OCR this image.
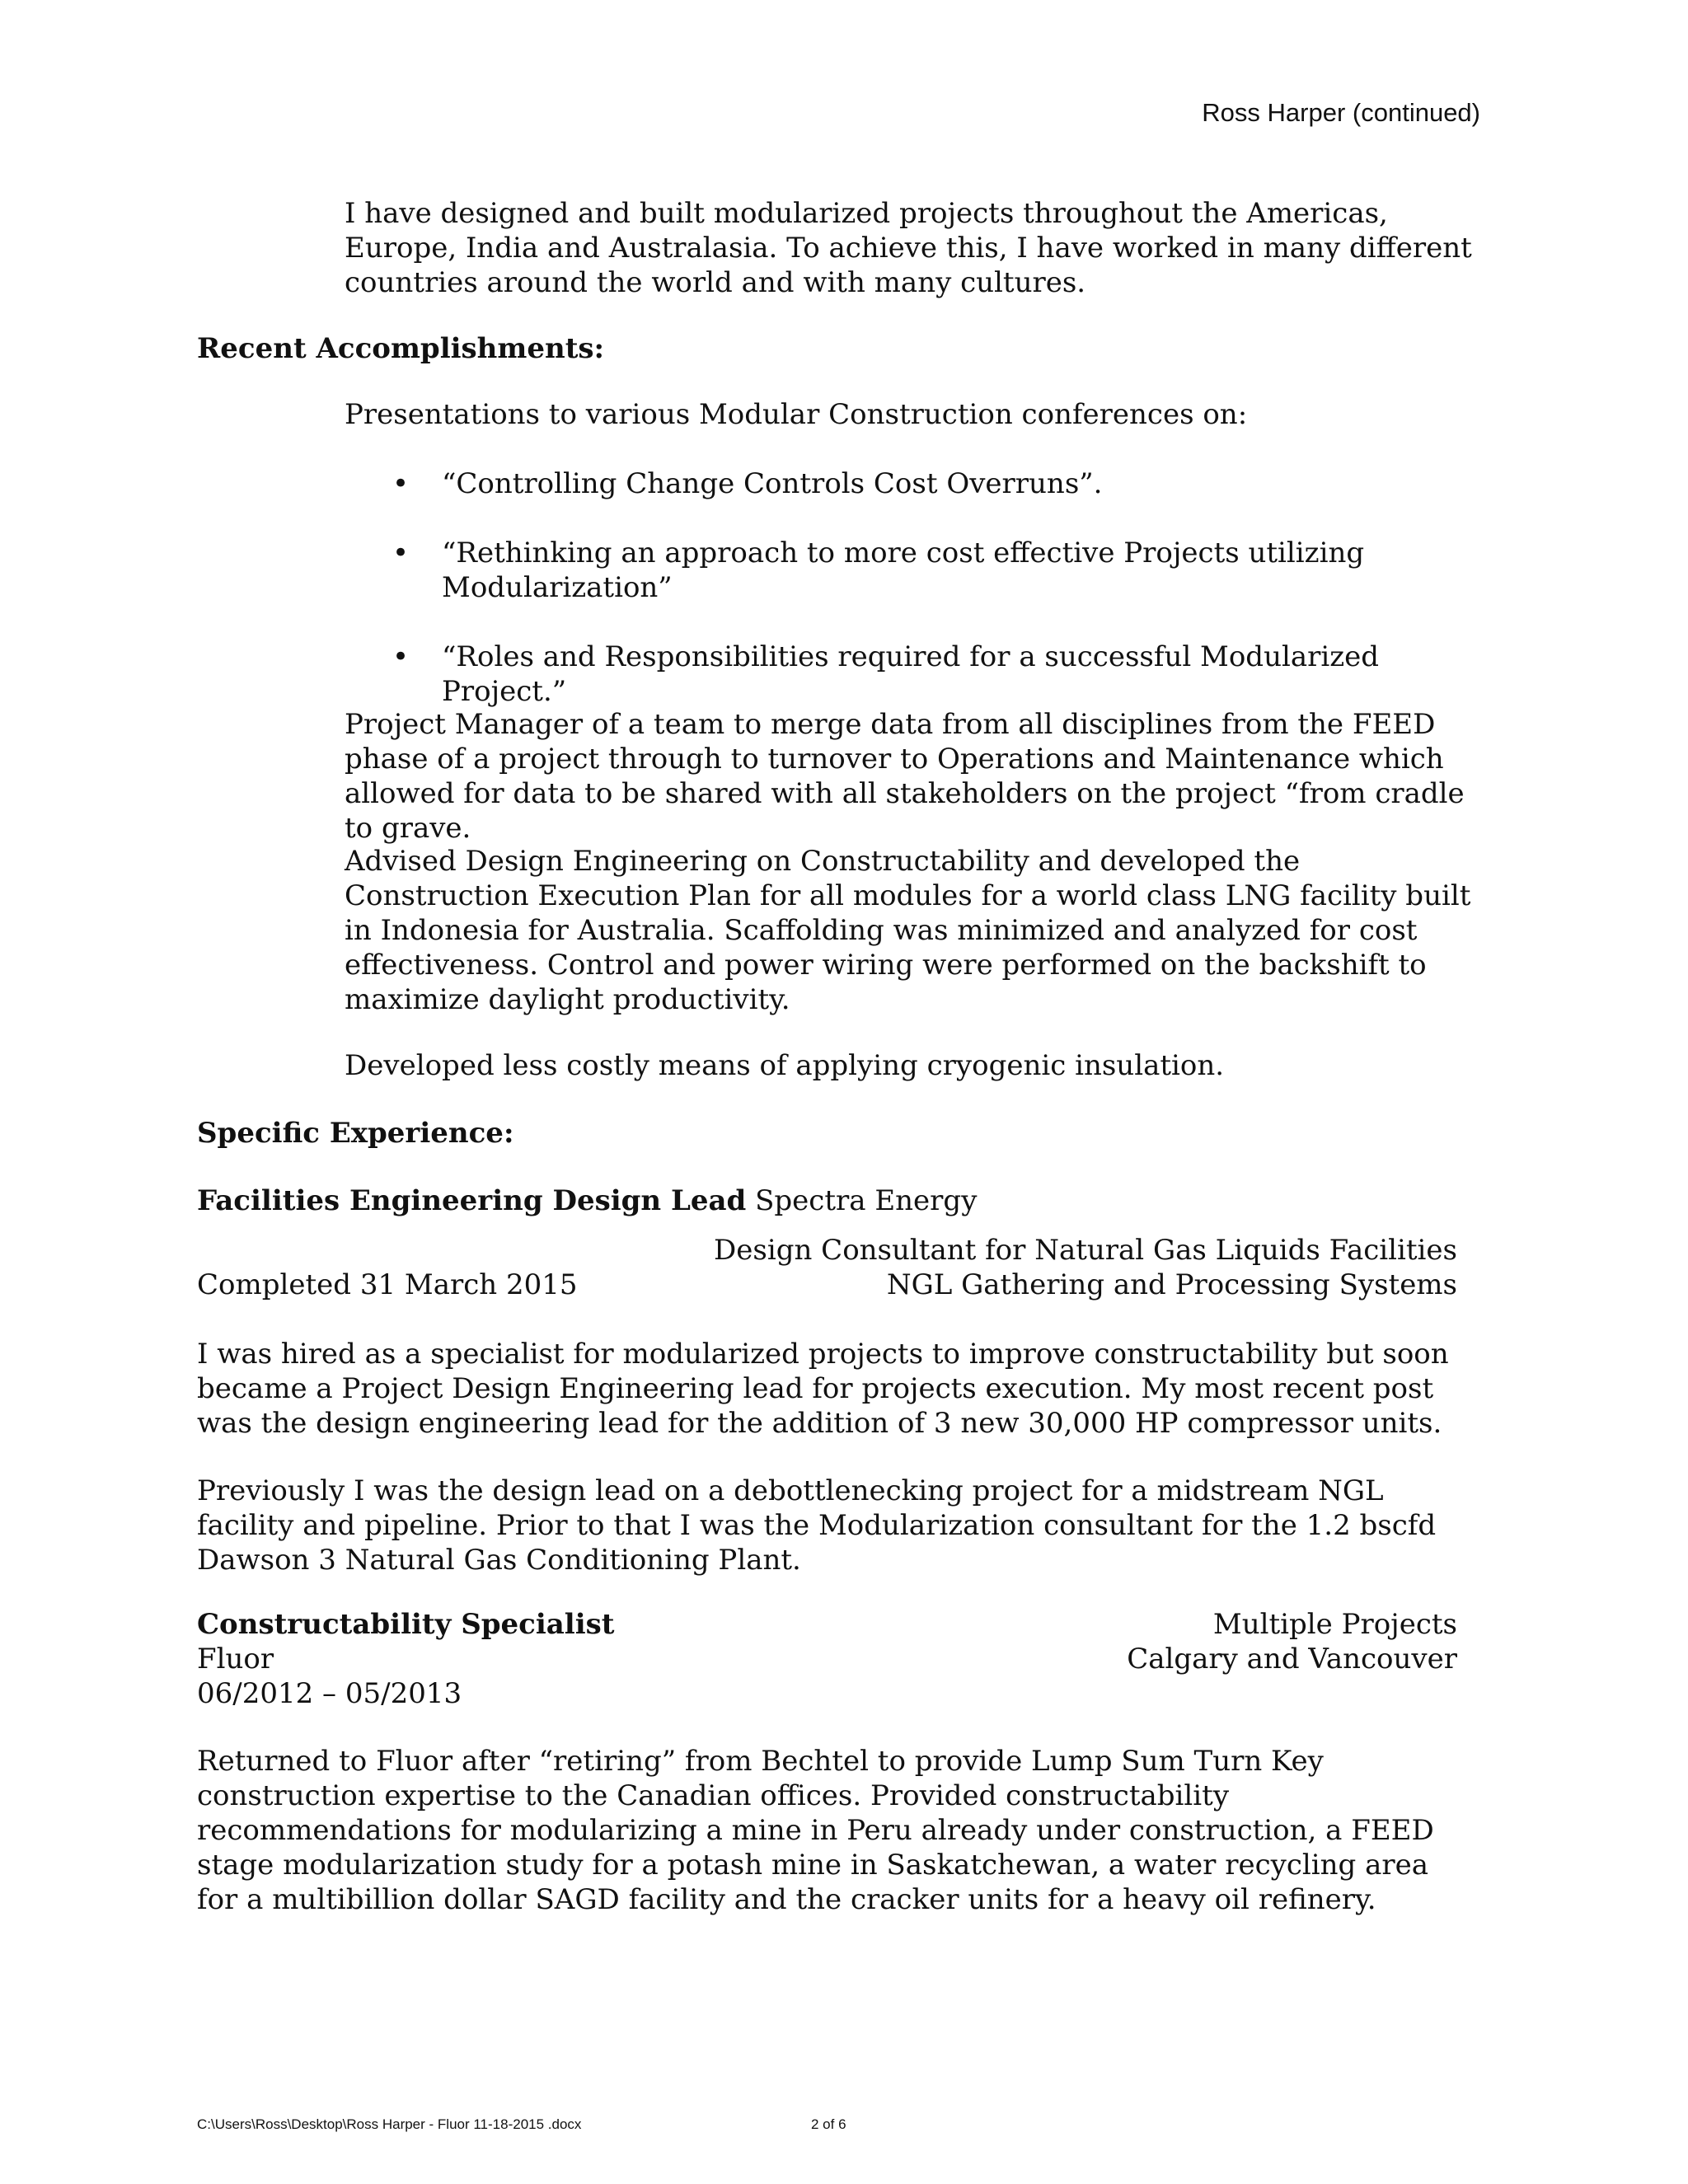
Ross Harper (continued)
I have designed and built modularized projects throughout the Americas, Europe, India and Australasia. To achieve this, I have worked in many different countries around the world and with many cultures.
Recent Accomplishments:
Presentations to various Modular Construction conferences on:
• “Controlling Change Controls Cost Overruns”.
• “Rethinking an approach to more cost effective Projects utilizing Modularization”
• “Roles and Responsibilities required for a successful Modularized Project.”
Project Manager of a team to merge data from all disciplines from the FEED phase of a project through to turnover to Operations and Maintenance which allowed for data to be shared with all stakeholders on the project “from cradle to grave.
Advised Design Engineering on Constructability and developed the Construction Execution Plan for all modules for a world class LNG facility built in Indonesia for Australia. Scaffolding was minimized and analyzed for cost effectiveness. Control and power wiring were performed on the backshift to maximize daylight productivity.
Developed less costly means of applying cryogenic insulation.
Specific Experience:
Facilities Engineering Design Lead Spectra Energy
Design Consultant for Natural Gas Liquids Facilities
Completed 31 March 2015	NGL Gathering and Processing Systems
I was hired as a specialist for modularized projects to improve constructability but soon became a Project Design Engineering lead for projects execution. My most recent post was the design engineering lead for the addition of 3 new 30,000 HP compressor units.
Previously I was the design lead on a debottlenecking project for a midstream NGL facility and pipeline. Prior to that I was the Modularization consultant for the 1.2 bscfd Dawson 3 Natural Gas Conditioning Plant.
Constructability Specialist	Multiple Projects
Fluor	Calgary and Vancouver
06/2012 – 05/2013
Returned to Fluor after “retiring” from Bechtel to provide Lump Sum Turn Key construction expertise to the Canadian offices. Provided constructability recommendations for modularizing a mine in Peru already under construction, a FEED stage modularization study for a potash mine in Saskatchewan, a water recycling area for a multibillion dollar SAGD facility and the cracker units for a heavy oil refinery.
C:\Users\Ross\Desktop\Ross Harper - Fluor 11-18-2015 .docx	2 of 6
